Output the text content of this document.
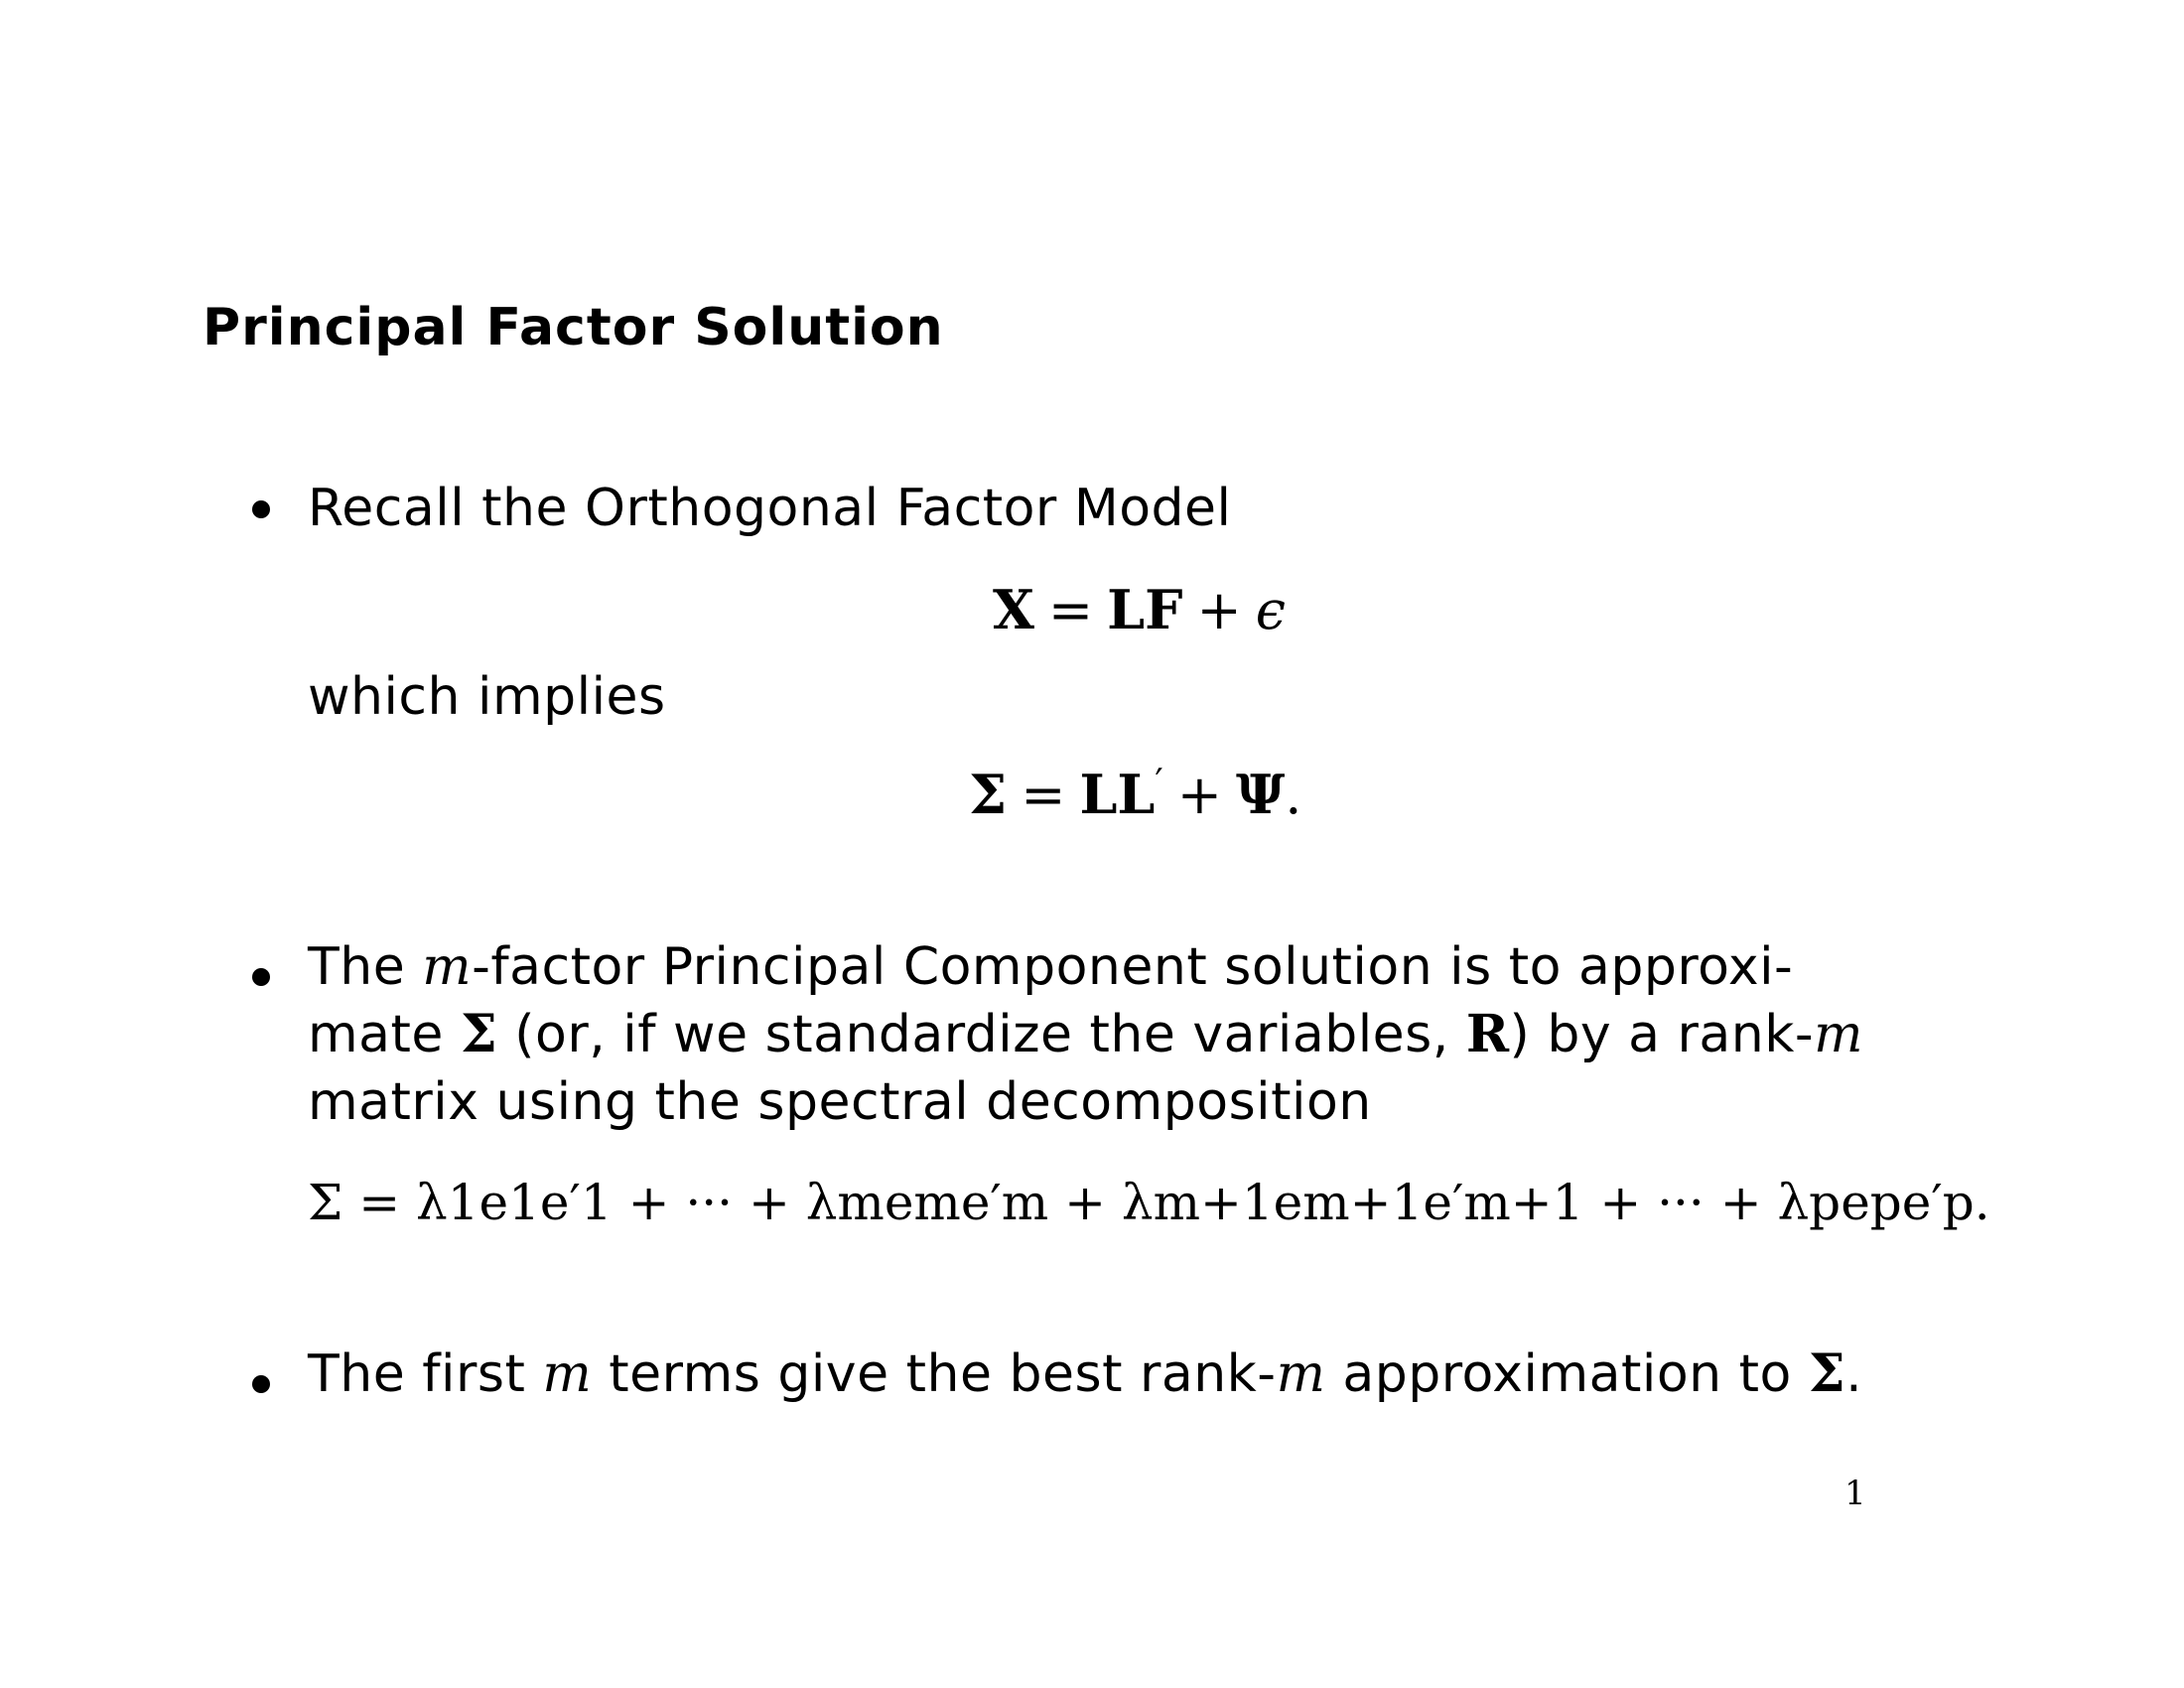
Principal Factor Solution
Recall the Orthogonal Factor Model
X = LF + ϵ
which implies
Σ = LL′ + Ψ.
The m-factor Principal Component solution is to approxi-
mate Σ (or, if we standardize the variables, R) by a rank-m
matrix using the spectral decomposition
Σ = λ1e1e′1 + ··· + λmeme′m + λm+1em+1e′m+1 + ··· + λpepe′p.
The first m terms give the best rank-m approximation to Σ.
1
